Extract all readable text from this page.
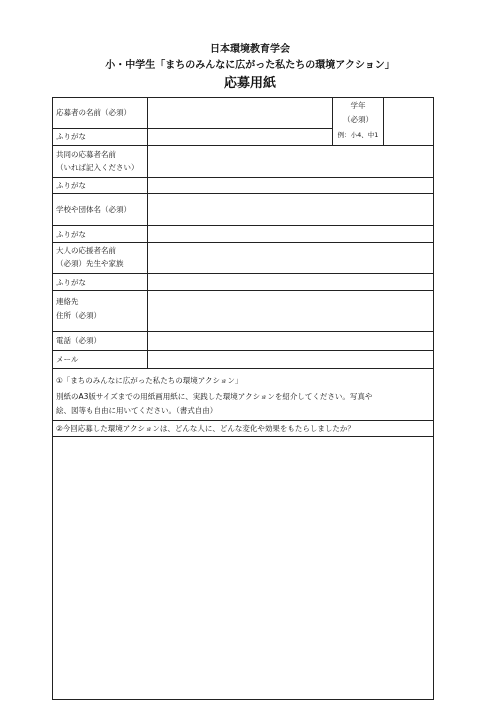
日本環境教育学会
小・中学生「まちのみんなに広がった私たちの環境アクション」
応募用紙
応募者の名前（必須）
ふりがな
学年
（必須）
例：小4、中1
共同の応募者名前
（いれば記入ください）
ふりがな
学校や団体名（必須）
ふりがな
大人の応援者名前
（必須）先生や家族
ふりがな
連絡先
住所（必須）
電話（必須）
メール
①「まちのみんなに広がった私たちの環境アクション」
別紙のA3版サイズまでの用紙画用紙に、実践した環境アクションを紹介してください。写真や
絵、図等も自由に用いてください。（書式自由）
②今回応募した環境アクションは、どんな人に、どんな変化や効果をもたらしましたか？
